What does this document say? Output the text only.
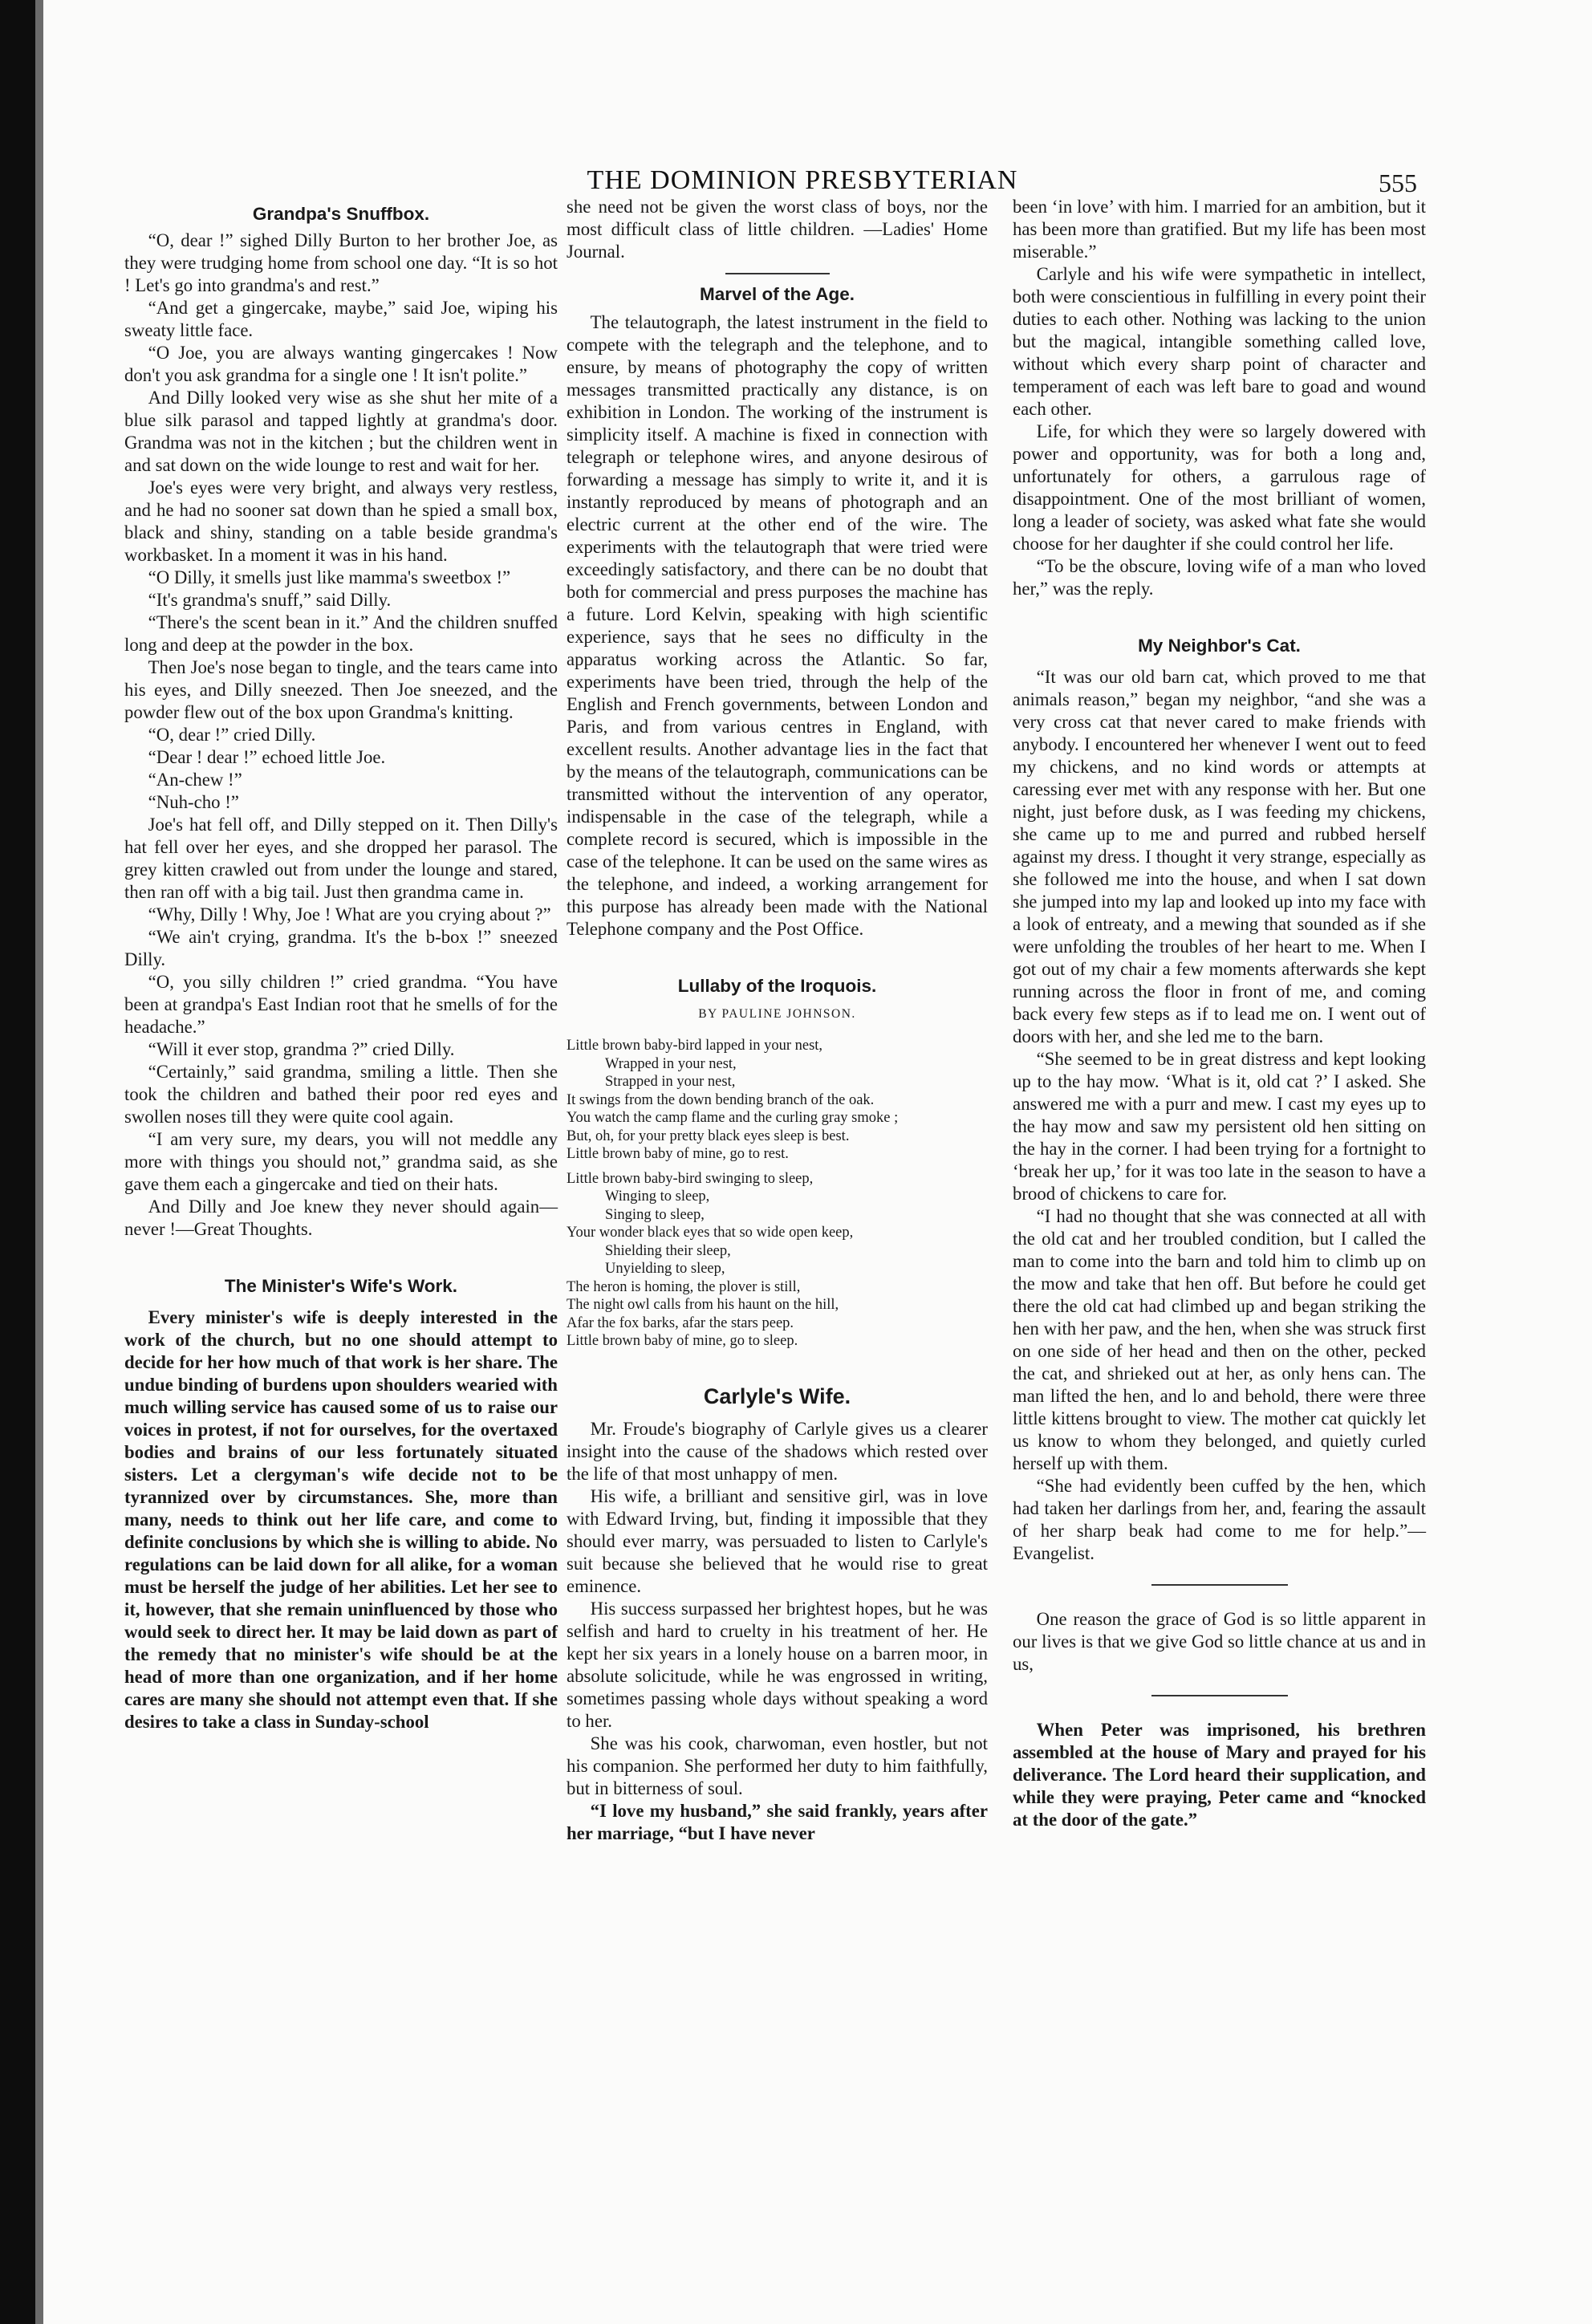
THE DOMINION PRESBYTERIAN	555
Grandpa's Snuffbox.

“O, dear !” sighed Dilly Burton to her brother Joe, as they were trudging home from school one day. “It is so hot ! Let's go into grandma's and rest.”

“And get a gingercake, maybe,” said Joe, wiping his sweaty little face.

“O Joe, you are always wanting gingercakes ! Now don't you ask grandma for a single one ! It isn't polite.”

And Dilly looked very wise as she shut her mite of a blue silk parasol and tapped lightly at grandma's door. Grandma was not in the kitchen ; but the children went in and sat down on the wide lounge to rest and wait for her.

Joe's eyes were very bright, and always very restless, and he had no sooner sat down than he spied a small box, black and shiny, standing on a table beside grandma's workbasket. In a moment it was in his hand.

“O Dilly, it smells just like mamma's sweetbox !”

“It's grandma's snuff,” said Dilly.

“There's the scent bean in it.” And the children snuffed long and deep at the powder in the box.

Then Joe's nose began to tingle, and the tears came into his eyes, and Dilly sneezed. Then Joe sneezed, and the powder flew out of the box upon Grandma's knitting.

“O, dear !” cried Dilly.

“Dear ! dear !” echoed little Joe.

“An-chew !”

“Nuh-cho !”

Joe's hat fell off, and Dilly stepped on it. Then Dilly's hat fell over her eyes, and she dropped her parasol. The grey kitten crawled out from under the lounge and stared, then ran off with a big tail. Just then grandma came in.

“Why, Dilly ! Why, Joe ! What are you crying about ?”

“We ain't crying, grandma. It's the b-box !” sneezed Dilly.

“O, you silly children !” cried grandma. “You have been at grandpa's East Indian root that he smells of for the headache.”

“Will it ever stop, grandma ?” cried Dilly.

“Certainly,” said grandma, smiling a little. Then she took the children and bathed their poor red eyes and swollen noses till they were quite cool again.

“I am very sure, my dears, you will not meddle any more with things you should not,” grandma said, as she gave them each a gingercake and tied on their hats.

And Dilly and Joe knew they never should again—never !—Great Thoughts.

The Minister's Wife's Work.

Every minister's wife is deeply interested in the work of the church, but no one should attempt to decide for her how much of that work is her share. The undue binding of burdens upon shoulders wearied with much willing service has caused some of us to raise our voices in protest, if not for ourselves, for the overtaxed bodies and brains of our less fortunately situated sisters. Let a clergyman's wife decide not to be tyrannized over by circumstances. She, more than many, needs to think out her life care, and come to definite conclusions by which she is willing to abide. No regulations can be laid down for all alike, for a woman must be herself the judge of her abilities. Let her see to it, however, that she remain uninfluenced by those who would seek to direct her. It may be laid down as part of the remedy that no minister's wife should be at the head of more than one organization, and if her home cares are many she should not attempt even that. If she desires to take a class in Sunday-school

she need not be given the worst class of boys, nor the most difficult class of little children. —Ladies' Home Journal.

Marvel of the Age.

The telautograph, the latest instrument in the field to compete with the telegraph and the telephone, and to ensure, by means of photography the copy of written messages transmitted practically any distance, is on exhibition in London. The working of the instrument is simplicity itself. A machine is fixed in connection with telegraph or telephone wires, and anyone desirous of forwarding a message has simply to write it, and it is instantly reproduced by means of photograph and an electric current at the other end of the wire. The experiments with the telautograph that were tried were exceedingly satisfactory, and there can be no doubt that both for commercial and press purposes the machine has a future. Lord Kelvin, speaking with high scientific experience, says that he sees no difficulty in the apparatus working across the Atlantic. So far, experiments have been tried, through the help of the English and French governments, between London and Paris, and from various centres in England, with excellent results. Another advantage lies in the fact that by the means of the telautograph, communications can be transmitted without the intervention of any operator, indispensable in the case of the telegraph, while a complete record is secured, which is impossible in the case of the telephone. It can be used on the same wires as the telephone, and indeed, a working arrangement for this purpose has already been made with the National Telephone company and the Post Office.

Lullaby of the Iroquois.
BY PAULINE JOHNSON.

Little brown baby-bird lapped in your nest,

Wrapped in your nest,

Strapped in your nest,

It swings from the down bending branch of the oak.

You watch the camp flame and the curling gray smoke ;

But, oh, for your pretty black eyes sleep is best.

Little brown baby of mine, go to rest.

Little brown baby-bird swinging to sleep,

Winging to sleep,

Singing to sleep,

Your wonder black eyes that so wide open keep,

Shielding their sleep,

Unyielding to sleep,

The heron is homing, the plover is still,

The night owl calls from his haunt on the hill,

Afar the fox barks, afar the stars peep.

Little brown baby of mine, go to sleep.

Carlyle's Wife.

Mr. Froude's biography of Carlyle gives us a clearer insight into the cause of the shadows which rested over the life of that most unhappy of men.

His wife, a brilliant and sensitive girl, was in love with Edward Irving, but, finding it impossible that they should ever marry, was persuaded to listen to Carlyle's suit because she believed that he would rise to great eminence.

His success surpassed her brightest hopes, but he was selfish and hard to cruelty in his treatment of her. He kept her six years in a lonely house on a barren moor, in absolute solicitude, while he was engrossed in writing, sometimes passing whole days without speaking a word to her.

She was his cook, charwoman, even hostler, but not his companion. She performed her duty to him faithfully, but in bitterness of soul.

“I love my husband,” she said frankly, years after her marriage, “but I have never

been ‘in love’ with him. I married for an ambition, but it has been more than gratified. But my life has been most miserable.”

Carlyle and his wife were sympathetic in intellect, both were conscientious in fulfilling in every point their duties to each other. Nothing was lacking to the union but the magical, intangible something called love, without which every sharp point of character and temperament of each was left bare to goad and wound each other.

Life, for which they were so largely dowered with power and opportunity, was for both a long and, unfortunately for others, a garrulous rage of disappointment. One of the most brilliant of women, long a leader of society, was asked what fate she would choose for her daughter if she could control her life.

“To be the obscure, loving wife of a man who loved her,” was the reply.

My Neighbor's Cat.

“It was our old barn cat, which proved to me that animals reason,” began my neighbor, “and she was a very cross cat that never cared to make friends with anybody. I encountered her whenever I went out to feed my chickens, and no kind words or attempts at caressing ever met with any response with her. But one night, just before dusk, as I was feeding my chickens, she came up to me and purred and rubbed herself against my dress. I thought it very strange, especially as she followed me into the house, and when I sat down she jumped into my lap and looked up into my face with a look of entreaty, and a mewing that sounded as if she were unfolding the troubles of her heart to me. When I got out of my chair a few moments afterwards she kept running across the floor in front of me, and coming back every few steps as if to lead me on. I went out of doors with her, and she led me to the barn.

“She seemed to be in great distress and kept looking up to the hay mow. ‘What is it, old cat ?’ I asked. She answered me with a purr and mew. I cast my eyes up to the hay mow and saw my persistent old hen sitting on the hay in the corner. I had been trying for a fortnight to ‘break her up,’ for it was too late in the season to have a brood of chickens to care for.

“I had no thought that she was connected at all with the old cat and her troubled condition, but I called the man to come into the barn and told him to climb up on the mow and take that hen off. But before he could get there the old cat had climbed up and began striking the hen with her paw, and the hen, when she was struck first on one side of her head and then on the other, pecked the cat, and shrieked out at her, as only hens can. The man lifted the hen, and lo and behold, there were three little kittens brought to view. The mother cat quickly let us know to whom they belonged, and quietly curled herself up with them.

“She had evidently been cuffed by the hen, which had taken her darlings from her, and, fearing the assault of her sharp beak had come to me for help.”—Evangelist.

One reason the grace of God is so little apparent in our lives is that we give God so little chance at us and in us,

When Peter was imprisoned, his brethren assembled at the house of Mary and prayed for his deliverance. The Lord heard their supplication, and while they were praying, Peter came and “knocked at the door of the gate.”
